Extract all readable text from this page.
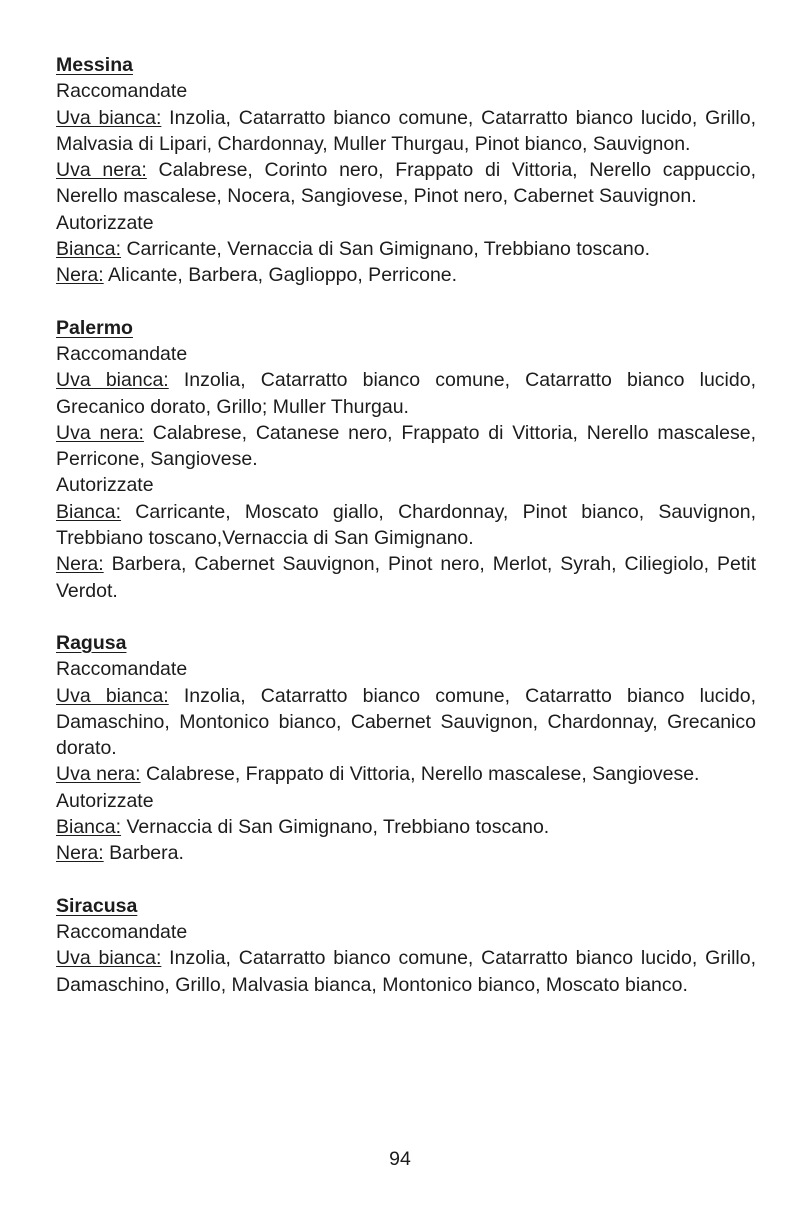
Messina
Raccomandate
Uva bianca: Inzolia, Catarratto bianco comune, Catarratto bianco lucido, Grillo, Malvasia di Lipari, Chardonnay, Muller Thurgau, Pinot bianco, Sauvignon.
Uva nera: Calabrese, Corinto nero, Frappato di Vittoria, Nerello cappuccio, Nerello mascalese, Nocera, Sangiovese, Pinot nero, Cabernet Sauvignon.
Autorizzate
Bianca: Carricante, Vernaccia di San Gimignano, Trebbiano toscano.
Nera: Alicante, Barbera, Gaglioppo, Perricone.
Palermo
Raccomandate
Uva bianca: Inzolia, Catarratto bianco comune, Catarratto bianco lucido, Grecanico dorato, Grillo; Muller Thurgau.
Uva nera: Calabrese, Catanese nero, Frappato di Vittoria, Nerello mascalese, Perricone, Sangiovese.
Autorizzate
Bianca: Carricante, Moscato giallo, Chardonnay, Pinot bianco, Sauvignon, Trebbiano toscano,Vernaccia di San Gimignano.
Nera: Barbera, Cabernet Sauvignon, Pinot nero, Merlot, Syrah, Ciliegiolo, Petit Verdot.
Ragusa
Raccomandate
Uva bianca: Inzolia, Catarratto bianco comune, Catarratto bianco lucido, Damaschino, Montonico bianco, Cabernet Sauvignon, Chardonnay, Grecanico dorato.
Uva nera: Calabrese, Frappato di Vittoria, Nerello mascalese, Sangiovese.
Autorizzate
Bianca: Vernaccia di San Gimignano, Trebbiano toscano.
Nera: Barbera.
Siracusa
Raccomandate
Uva bianca: Inzolia, Catarratto bianco comune, Catarratto bianco lucido, Grillo, Damaschino, Grillo, Malvasia bianca, Montonico bianco, Moscato bianco.
94
